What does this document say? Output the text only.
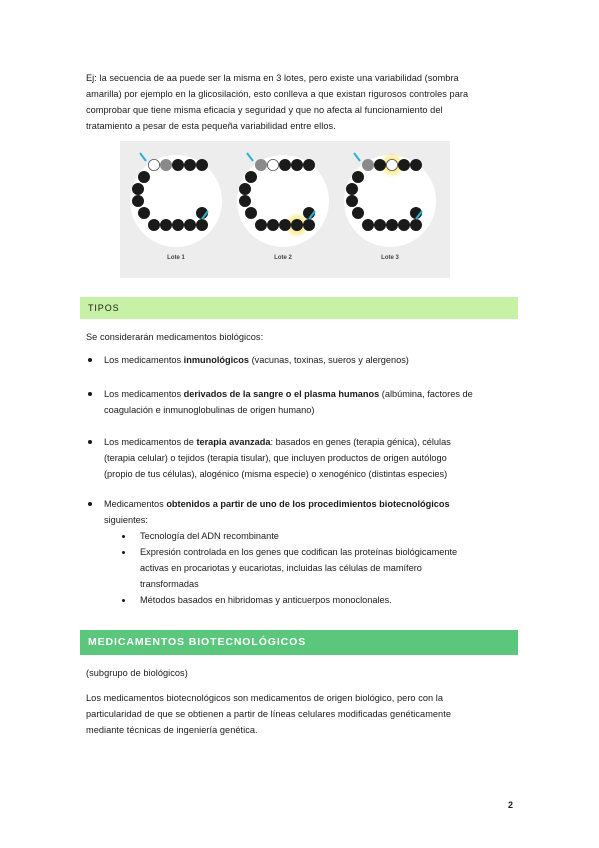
Ej: la secuencia de aa puede ser la misma en 3 lotes, pero existe una variabilidad (sombra
amarilla) por ejemplo en la glicosilación, esto conlleva a que existan rigurosos controles para
comprobar que tiene misma eficacia y seguridad y que no afecta al funcionamiento del
tratamiento a pesar de esta pequeña variabilidad entre ellos.
Lote 1	Lote 2	Lote 3
TIPOS
Se considerarán medicamentos biológicos:
Los medicamentos inmunológicos (vacunas, toxinas, sueros y alergenos)
Los medicamentos derivados de la sangre o el plasma humanos (albúmina, factores de
coagulación e inmunoglobulinas de origen humano)
Los medicamentos de terapia avanzada: basados en genes (terapia génica), células
(terapia celular) o tejidos (terapia tisular), que incluyen productos de origen autólogo
(propio de tus células), alogénico (misma especie) o xenogénico (distintas especies)
Medicamentos obtenidos a partir de uno de los procedimientos biotecnológicos
siguientes:
Tecnología del ADN recombinante
Expresión controlada en los genes que codifican las proteínas biológicamente
activas en procariotas y eucariotas, incluidas las células de mamífero
transformadas
Métodos basados en hibridomas y anticuerpos monoclonales.
MEDICAMENTOS BIOTECNOLÓGICOS
(subgrupo de biológicos)
Los medicamentos biotecnológicos son medicamentos de origen biológico, pero con la
particularidad de que se obtienen a partir de líneas celulares modificadas genéticamente
mediante técnicas de ingeniería genética.
2
